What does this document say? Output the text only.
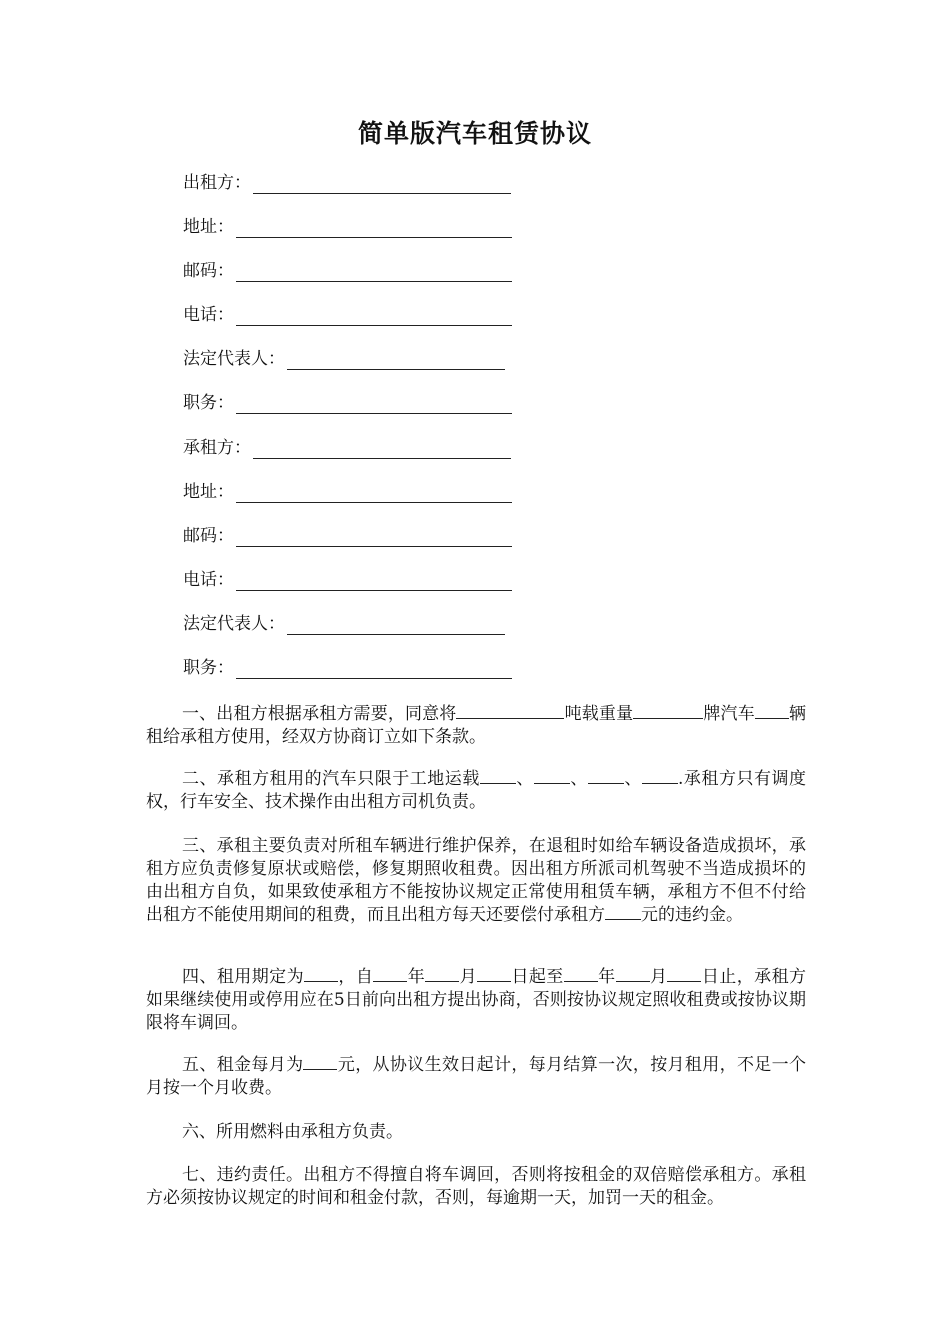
简单版汽车租赁协议
出租方：
地址：
邮码：
电话：
法定代表人：
职务：
承租方：
地址：
邮码：
电话：
法定代表人：
职务：

一、出租方根据承租方需要，同意将	吨载重量	牌汽车 辆租给承租方使用，经双方协商订立如下条款。

二、承租方租用的汽车只限于工地运载 、 、 、 .承租方只有调度权，行车安全、技术操作由出租方司机负责。

三、承租主要负责对所租车辆进行维护保养，在退租时如给车辆设备造成损坏，承租方应负责修复原状或赔偿，修复期照收租费。因出租方所派司机驾驶不当造成损坏的由出租方自负，如果致使承租方不能按协议规定正常使用租赁车辆，承租方不但不付给出租方不能使用期间的租费，而且出租方每天还要偿付承租方 元的违约金。

四、租用期定为 ，自 年 月 日起至 年 月 日止，承租方如果继续使用或停用应在5日前向出租方提出协商，否则按协议规定照收租费或按协议期限将车调回。

五、租金每月为 元，从协议生效日起计，每月结算一次，按月租用，不足一个月按一个月收费。

六、所用燃料由承租方负责。

七、违约责任。出租方不得擅自将车调回，否则将按租金的双倍赔偿承租方。承租方必须按协议规定的时间和租金付款，否则，每逾期一天，加罚一天的租金。
